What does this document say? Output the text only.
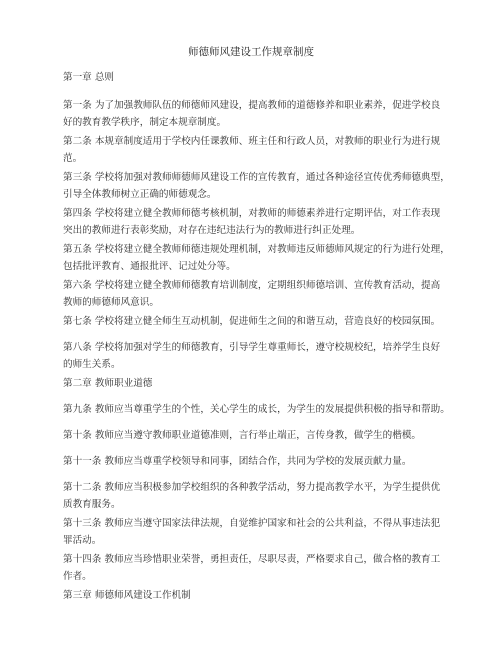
师德师风建设工作规章制度
第一章 总则
第一条 为了加强教师队伍的师德师风建设，提高教师的道德修养和职业素养，促进学校良
好的教育教学秩序，制定本规章制度。
第二条 本规章制度适用于学校内任课教师、班主任和行政人员，对教师的职业行为进行规
范。
第三条 学校将加强对教师师德师风建设工作的宣传教育，通过各种途径宣传优秀师德典型，
引导全体教师树立正确的师德观念。
第四条 学校将建立健全教师师德考核机制，对教师的师德素养进行定期评估，对工作表现
突出的教师进行表彰奖励，对存在违纪违法行为的教师进行纠正处理。
第五条 学校将建立健全教师师德违规处理机制，对教师违反师德师风规定的行为进行处理，
包括批评教育、通报批评、记过处分等。
第六条 学校将建立健全教师师德教育培训制度，定期组织师德培训、宣传教育活动，提高
教师的师德师风意识。
第七条 学校将建立健全师生互动机制，促进师生之间的和谐互动，营造良好的校园氛围。
第八条 学校将加强对学生的师德教育，引导学生尊重师长，遵守校规校纪，培养学生良好
的师生关系。
第二章 教师职业道德
第九条 教师应当尊重学生的个性，关心学生的成长，为学生的发展提供积极的指导和帮助。
第十条 教师应当遵守教师职业道德准则，言行举止端正，言传身教，做学生的楷模。
第十一条 教师应当尊重学校领导和同事，团结合作，共同为学校的发展贡献力量。
第十二条 教师应当积极参加学校组织的各种教学活动，努力提高教学水平，为学生提供优
质教育服务。
第十三条 教师应当遵守国家法律法规，自觉维护国家和社会的公共利益，不得从事违法犯
罪活动。
第十四条 教师应当珍惜职业荣誉，勇担责任，尽职尽责，严格要求自己，做合格的教育工
作者。
第三章 师德师风建设工作机制
